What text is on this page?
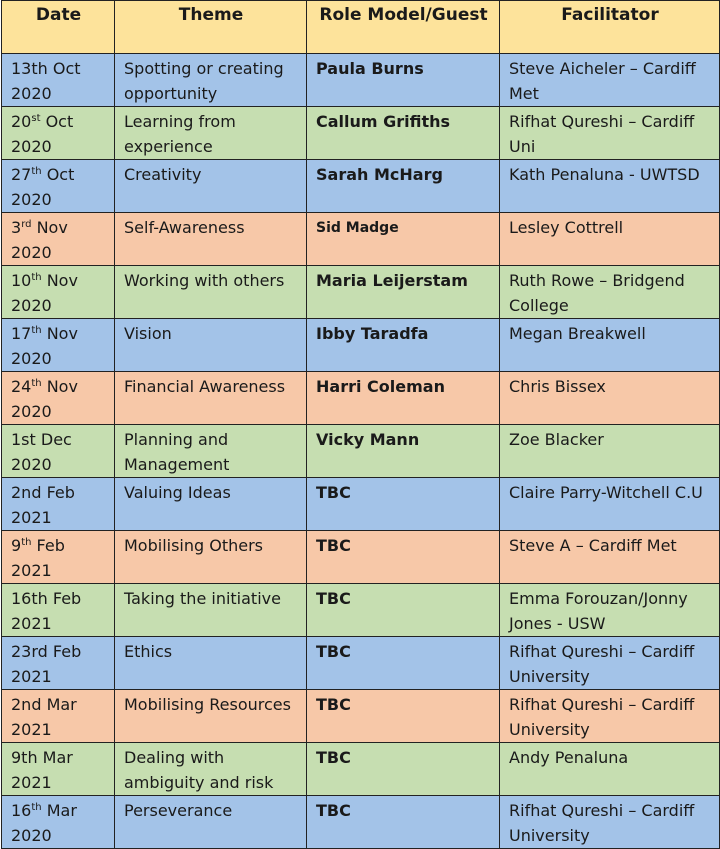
Date	Theme	Role Model/Guest	Facilitator
13th Oct 2020	Spotting or creating opportunity	Paula Burns	Steve Aicheler – Cardiff Met
20st Oct 2020	Learning from experience	Callum Grifiths	Rifhat Qureshi – Cardiff Uni
27th Oct 2020	Creativity	Sarah McHarg	Kath Penaluna - UWTSD
3rd Nov 2020	Self-Awareness	Sid Madge	Lesley Cottrell
10th Nov 2020	Working with others	Maria Leijerstam	Ruth Rowe – Bridgend College
17th Nov 2020	Vision	Ibby Taradfa	Megan Breakwell
24th Nov 2020	Financial Awareness	Harri Coleman	Chris Bissex
1st Dec 2020	Planning and Management	Vicky Mann	Zoe Blacker
2nd Feb 2021	Valuing Ideas	TBC	Claire Parry-Witchell C.U
9th Feb 2021	Mobilising Others	TBC	Steve A – Cardiff Met
16th Feb 2021	Taking the initiative	TBC	Emma Forouzan/Jonny Jones - USW
23rd Feb 2021	Ethics	TBC	Rifhat Qureshi – Cardiff University
2nd Mar 2021	Mobilising Resources	TBC	Rifhat Qureshi – Cardiff University
9th Mar 2021	Dealing with ambiguity and risk	TBC	Andy Penaluna
16th Mar 2020	Perseverance	TBC	Rifhat Qureshi – Cardiff University
